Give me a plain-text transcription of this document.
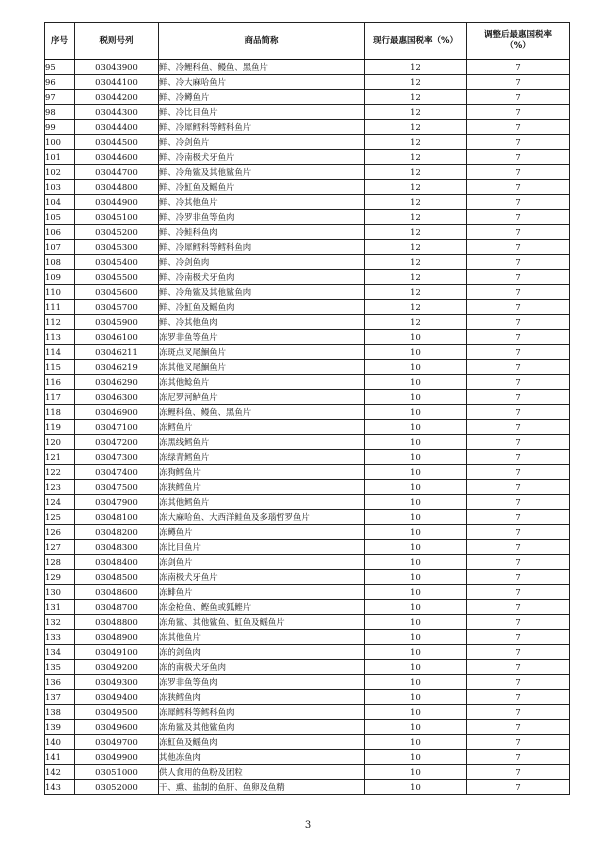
序号	税则号列	商品简称	现行最惠国税率（%）	调整后最惠国税率
（%）
95	03043900	鲜、冷鲤科鱼、鳗鱼、黑鱼片	12	7
96	03044100	鲜、冷大麻哈鱼片	12	7
97	03044200	鲜、冷鳟鱼片	12	7
98	03044300	鲜、冷比目鱼片	12	7
99	03044400	鲜、冷犀鳕科等鳕科鱼片	12	7
100	03044500	鲜、冷剑鱼片	12	7
101	03044600	鲜、冷南极犬牙鱼片	12	7
102	03044700	鲜、冷角鲨及其他鲨鱼片	12	7
103	03044800	鲜、冷魟鱼及鳐鱼片	12	7
104	03044900	鲜、冷其他鱼片	12	7
105	03045100	鲜、冷罗非鱼等鱼肉	12	7
106	03045200	鲜、冷鲑科鱼肉	12	7
107	03045300	鲜、冷犀鳕科等鳕科鱼肉	12	7
108	03045400	鲜、冷剑鱼肉	12	7
109	03045500	鲜、冷南极犬牙鱼肉	12	7
110	03045600	鲜、冷角鲨及其他鲨鱼肉	12	7
111	03045700	鲜、冷魟鱼及鳐鱼肉	12	7
112	03045900	鲜、冷其他鱼肉	12	7
113	03046100	冻罗非鱼等鱼片	10	7
114	03046211	冻斑点叉尾鮰鱼片	10	7
115	03046219	冻其他叉尾鮰鱼片	10	7
116	03046290	冻其他鲶鱼片	10	7
117	03046300	冻尼罗河鲈鱼片	10	7
118	03046900	冻鲤科鱼、鳗鱼、黑鱼片	10	7
119	03047100	冻鳕鱼片	10	7
120	03047200	冻黑线鳕鱼片	10	7
121	03047300	冻绿青鳕鱼片	10	7
122	03047400	冻狗鳕鱼片	10	7
123	03047500	冻狭鳕鱼片	10	7
124	03047900	冻其他鳕鱼片	10	7
125	03048100	冻大麻哈鱼、大西洋鲑鱼及多瑙哲罗鱼片	10	7
126	03048200	冻鳟鱼片	10	7
127	03048300	冻比目鱼片	10	7
128	03048400	冻剑鱼片	10	7
129	03048500	冻南极犬牙鱼片	10	7
130	03048600	冻鲱鱼片	10	7
131	03048700	冻金枪鱼、鲣鱼或狐鲣片	10	7
132	03048800	冻角鲨、其他鲨鱼、魟鱼及鳐鱼片	10	7
133	03048900	冻其他鱼片	10	7
134	03049100	冻的剑鱼肉	10	7
135	03049200	冻的南极犬牙鱼肉	10	7
136	03049300	冻罗非鱼等鱼肉	10	7
137	03049400	冻狭鳕鱼肉	10	7
138	03049500	冻犀鳕科等鳕科鱼肉	10	7
139	03049600	冻角鲨及其他鲨鱼肉	10	7
140	03049700	冻魟鱼及鳐鱼肉	10	7
141	03049900	其他冻鱼肉	10	7
142	03051000	供人食用的鱼粉及团粒	10	7
143	03052000	干、熏、盐制的鱼肝、鱼卵及鱼精	10	7
3
